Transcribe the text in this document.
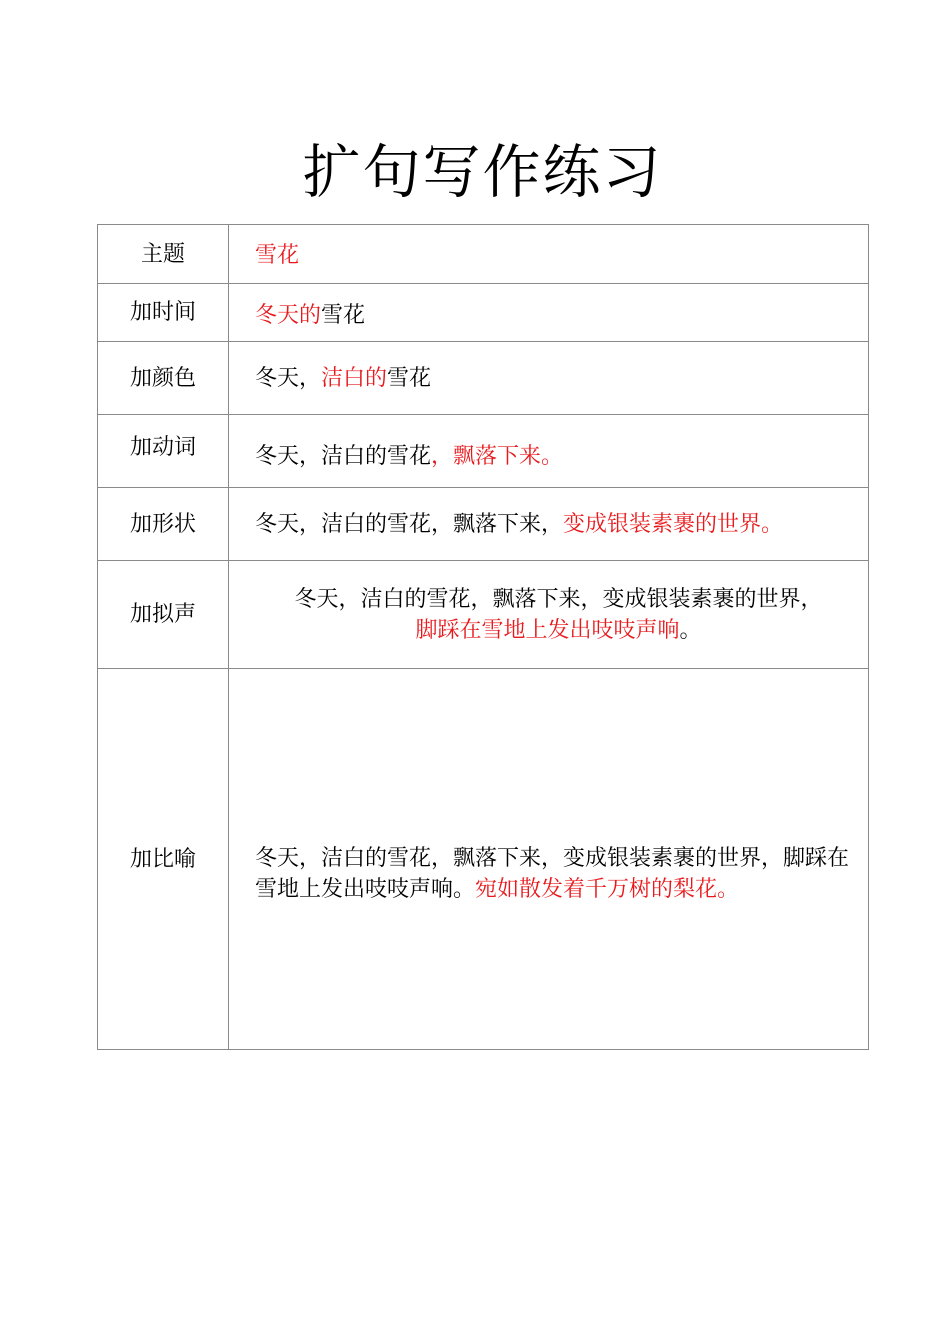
扩句写作练习
主题	雪花
加时间	冬天的雪花
加颜色	冬天，洁白的雪花
加动词	冬天，洁白的雪花，飘落下来。
加形状	冬天，洁白的雪花，飘落下来，变成银装素裹的世界。
加拟声	冬天，洁白的雪花，飘落下来，变成银装素裹的世界，
脚踩在雪地上发出吱吱声响。
加比喻	冬天，洁白的雪花，飘落下来，变成银装素裹的世界，脚踩在雪地上发出吱吱声响。宛如散发着千万树的梨花。
